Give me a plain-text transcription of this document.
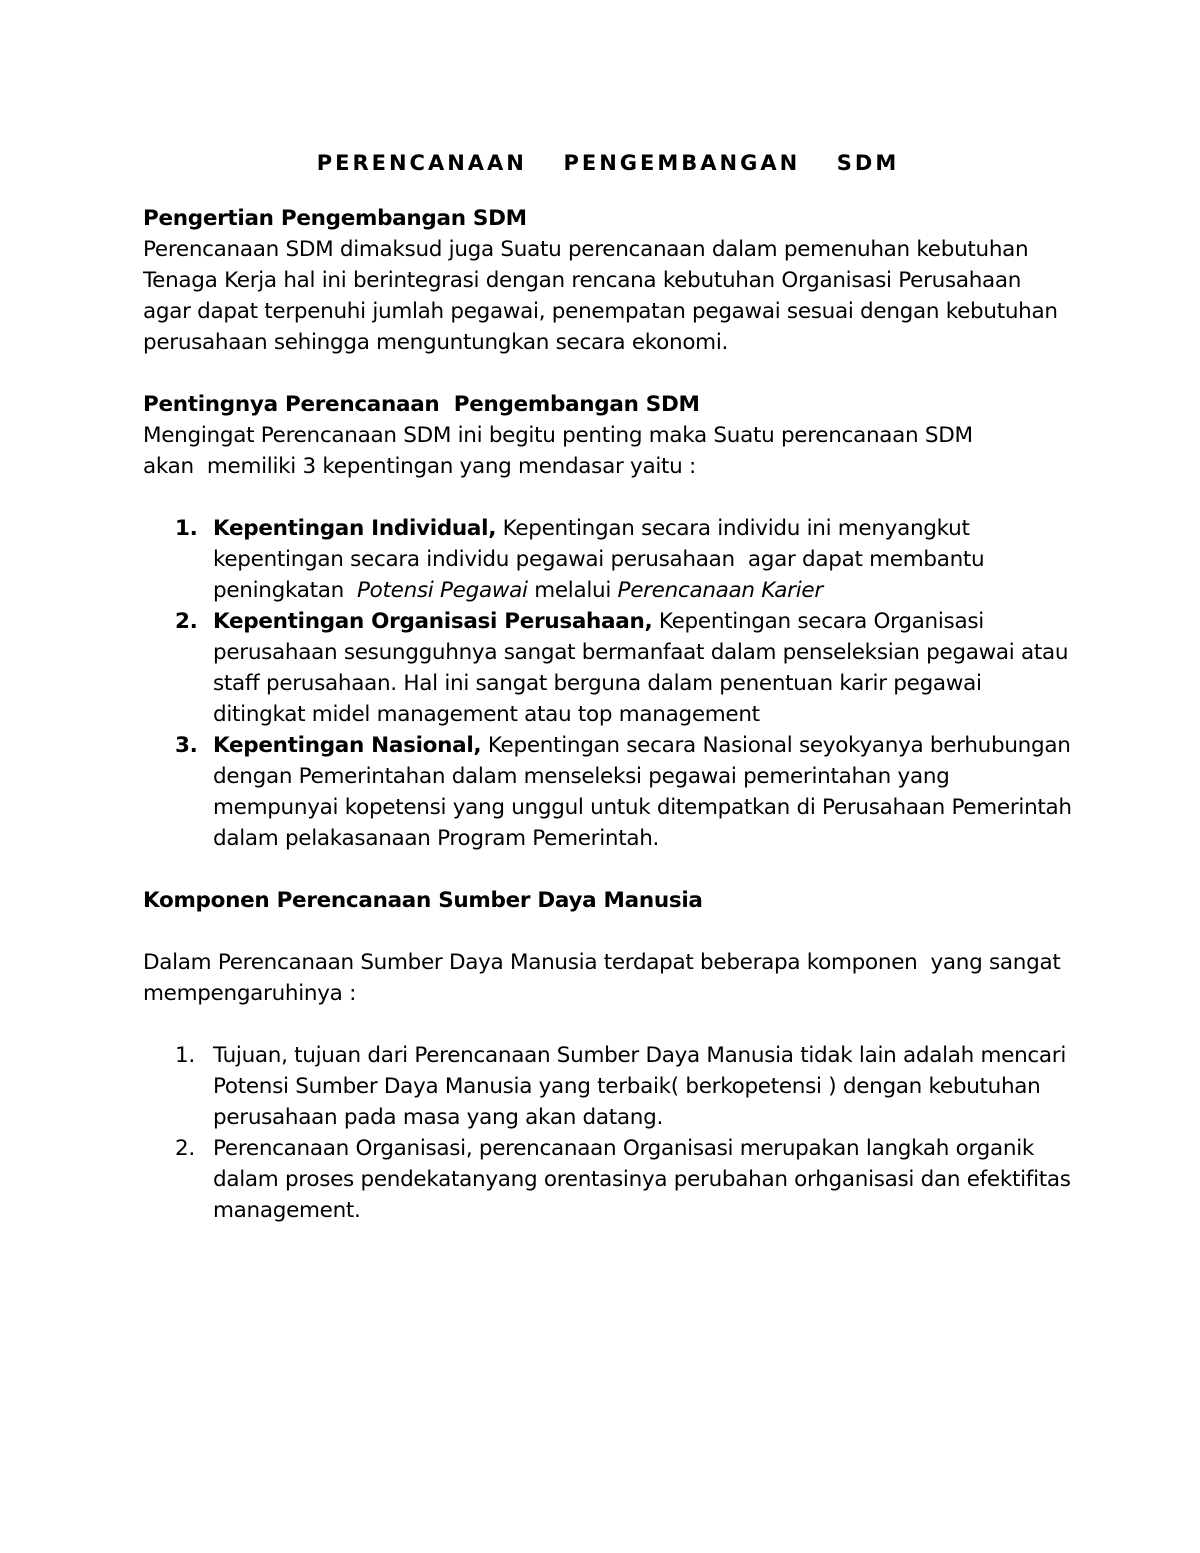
PERENCANAAN  PENGEMBANGAN  SDM
Pengertian Pengembangan SDM

Perencanaan SDM dimaksud juga Suatu perencanaan dalam pemenuhan kebutuhan Tenaga Kerja hal ini berintegrasi dengan rencana kebutuhan Organisasi Perusahaan agar dapat terpenuhi jumlah pegawai, penempatan pegawai sesuai dengan kebutuhan perusahaan sehingga menguntungkan secara ekonomi.

Pentingnya Perencanaan  Pengembangan SDM

Mengingat Perencanaan SDM ini begitu penting maka Suatu perencanaan SDM

akan  memiliki 3 kepentingan yang mendasar yaitu :

1. Kepentingan Individual, Kepentingan secara individu ini menyangkut kepentingan secara individu pegawai perusahaan  agar dapat membantu peningkatan  Potensi Pegawai melalui Perencanaan Karier
2. Kepentingan Organisasi Perusahaan, Kepentingan secara Organisasi perusahaan sesungguhnya sangat bermanfaat dalam penseleksian pegawai atau staff perusahaan. Hal ini sangat berguna dalam penentuan karir pegawai ditingkat midel management atau top management
3. Kepentingan Nasional, Kepentingan secara Nasional seyokyanya berhubungan dengan Pemerintahan dalam menseleksi pegawai pemerintahan yang mempunyai kopetensi yang unggul untuk ditempatkan di Perusahaan Pemerintah dalam pelakasanaan Program Pemerintah.
Komponen Perencanaan Sumber Daya Manusia

Dalam Perencanaan Sumber Daya Manusia terdapat beberapa komponen  yang sangat mempengaruhinya :

1. Tujuan, tujuan dari Perencanaan Sumber Daya Manusia tidak lain adalah mencari Potensi Sumber Daya Manusia yang terbaik( berkopetensi ) dengan kebutuhan perusahaan pada masa yang akan datang.
2. Perencanaan Organisasi, perencanaan Organisasi merupakan langkah organik dalam proses pendekatanyang orentasinya perubahan orhganisasi dan efektifitas management.
